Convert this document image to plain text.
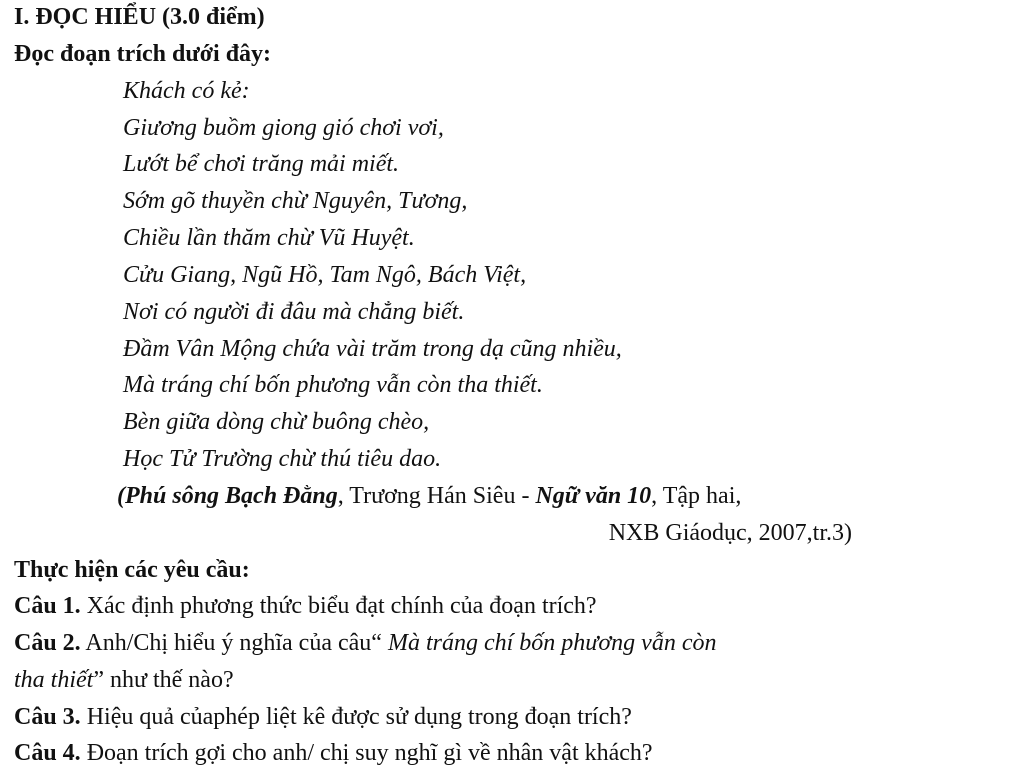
I. ĐỌC HIỂU (3.0 điểm)
Đọc đoạn trích dưới đây:
Khách có kẻ:
Giương buồm giong gió chơi vơi,
Lướt bể chơi trăng mải miết.
Sớm gõ thuyền chừ Nguyên, Tương,
Chiều lần thăm chừ Vũ Huyệt.
Cửu Giang, Ngũ Hồ, Tam Ngô, Bách Việt,
Nơi có người đi đâu mà chẳng biết.
Đầm Vân Mộng chứa vài trăm trong dạ cũng nhiều,
Mà tráng chí bốn phương vẫn còn tha thiết.
Bèn giữa dòng chừ buông chèo,
Học Tử Trường chừ thú tiêu dao.
(Phú sông Bạch Đằng, Trương Hán Siêu - Ngữ văn 10, Tập hai,
NXB Giáodục, 2007,tr.3)
Thực hiện các yêu cầu:
Câu 1. Xác định phương thức biểu đạt chính của đoạn trích?
Câu 2. Anh/Chị hiểu ý nghĩa của câu“ Mà tráng chí bốn phương vẫn còn
tha thiết” như thế nào?
Câu 3. Hiệu quả củaphép liệt kê được sử dụng trong đoạn trích?
Câu 4. Đoạn trích gợi cho anh/ chị suy nghĩ gì về nhân vật khách?
